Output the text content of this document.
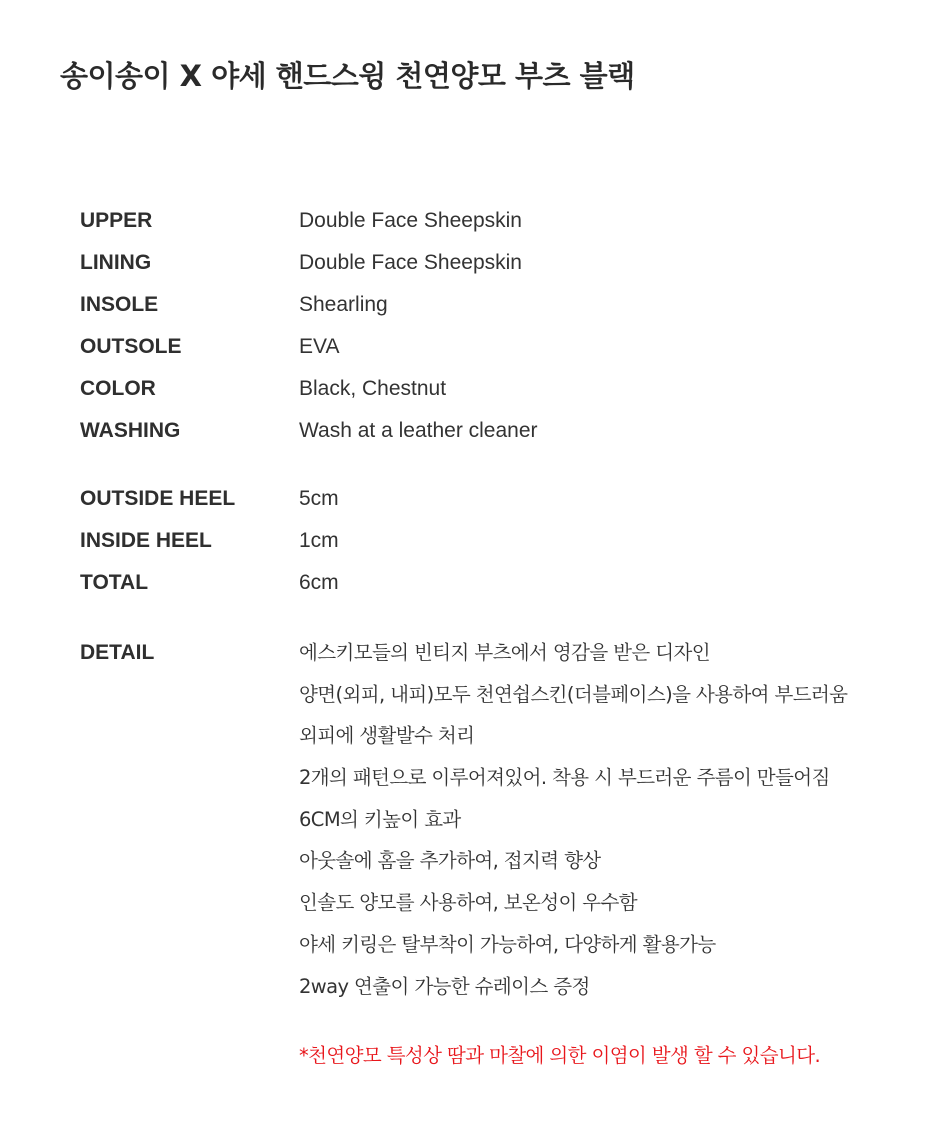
송이송이 X 야세 핸드스윙 천연양모 부츠 블랙
UPPER	Double Face Sheepskin
LINING	Double Face Sheepskin
INSOLE	Shearling
OUTSOLE	EVA
COLOR	Black, Chestnut
WASHING	Wash at a leather cleaner
OUTSIDE HEEL	5cm
INSIDE HEEL	1cm
TOTAL	6cm
DETAIL	에스키모들의 빈티지 부츠에서 영감을 받은 디자인
양면(외피, 내피)모두 천연쉽스킨(더블페이스)을 사용하여 부드러움
외피에 생활발수 처리
2개의 패턴으로 이루어져있어. 착용 시 부드러운 주름이 만들어짐
6CM의 키높이 효과
아웃솔에 홈을 추가하여, 접지력 향상
인솔도 양모를 사용하여, 보온성이 우수함
야세 키링은 탈부착이 가능하여, 다양하게 활용가능
2way 연출이 가능한 슈레이스 증정
*천연양모 특성상 땀과 마찰에 의한 이염이 발생 할 수 있습니다.
